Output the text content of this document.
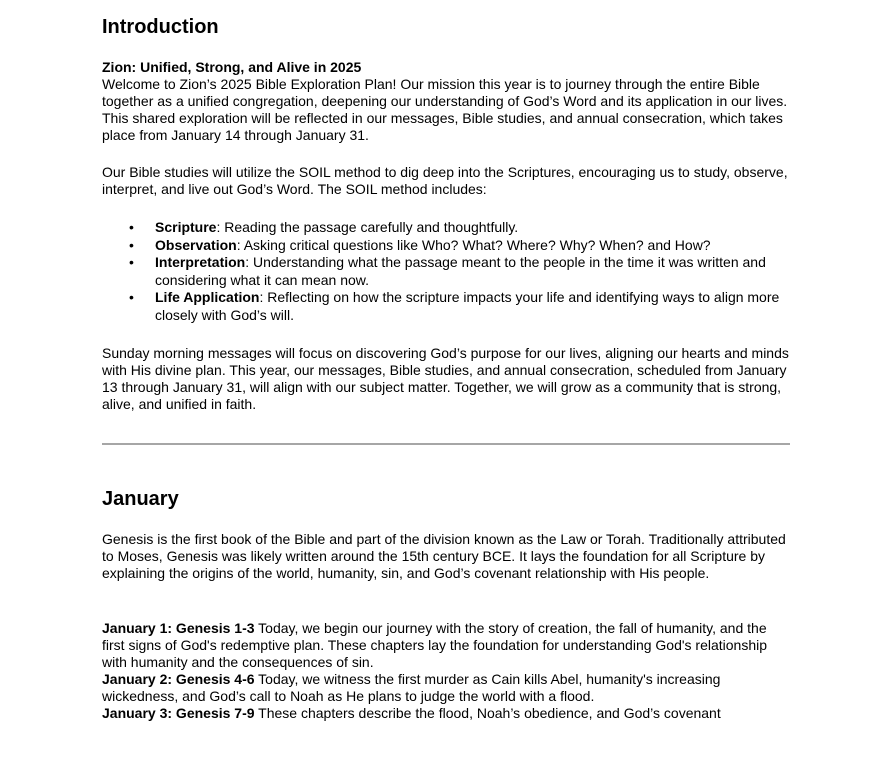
Introduction

Zion: Unified, Strong, and Alive in 2025

Welcome to Zion’s 2025 Bible Exploration Plan! Our mission this year is to journey through the entire Bible together as a unified congregation, deepening our understanding of God’s Word and its application in our lives. This shared exploration will be reflected in our messages, Bible studies, and annual consecration, which takes place from January 14 through January 31.

Our Bible studies will utilize the SOIL method to dig deep into the Scriptures, encouraging us to study, observe, interpret, and live out God’s Word. The SOIL method includes:

• Scripture: Reading the passage carefully and thoughtfully.
• Observation: Asking critical questions like Who? What? Where? Why? When? and How?
• Interpretation: Understanding what the passage meant to the people in the time it was written and considering what it can mean now.
• Life Application: Reflecting on how the scripture impacts your life and identifying ways to align more closely with God’s will.

Sunday morning messages will focus on discovering God’s purpose for our lives, aligning our hearts and minds with His divine plan. This year, our messages, Bible studies, and annual consecration, scheduled from January 13 through January 31, will align with our subject matter. Together, we will grow as a community that is strong, alive, and unified in faith.

January

Genesis is the first book of the Bible and part of the division known as the Law or Torah. Traditionally attributed to Moses, Genesis was likely written around the 15th century BCE. It lays the foundation for all Scripture by explaining the origins of the world, humanity, sin, and God’s covenant relationship with His people.

January 1: Genesis 1-3 Today, we begin our journey with the story of creation, the fall of humanity, and the first signs of God's redemptive plan. These chapters lay the foundation for understanding God's relationship with humanity and the consequences of sin.

January 2: Genesis 4-6 Today, we witness the first murder as Cain kills Abel, humanity's increasing wickedness, and God’s call to Noah as He plans to judge the world with a flood.

January 3: Genesis 7-9 These chapters describe the flood, Noah’s obedience, and God’s covenant
